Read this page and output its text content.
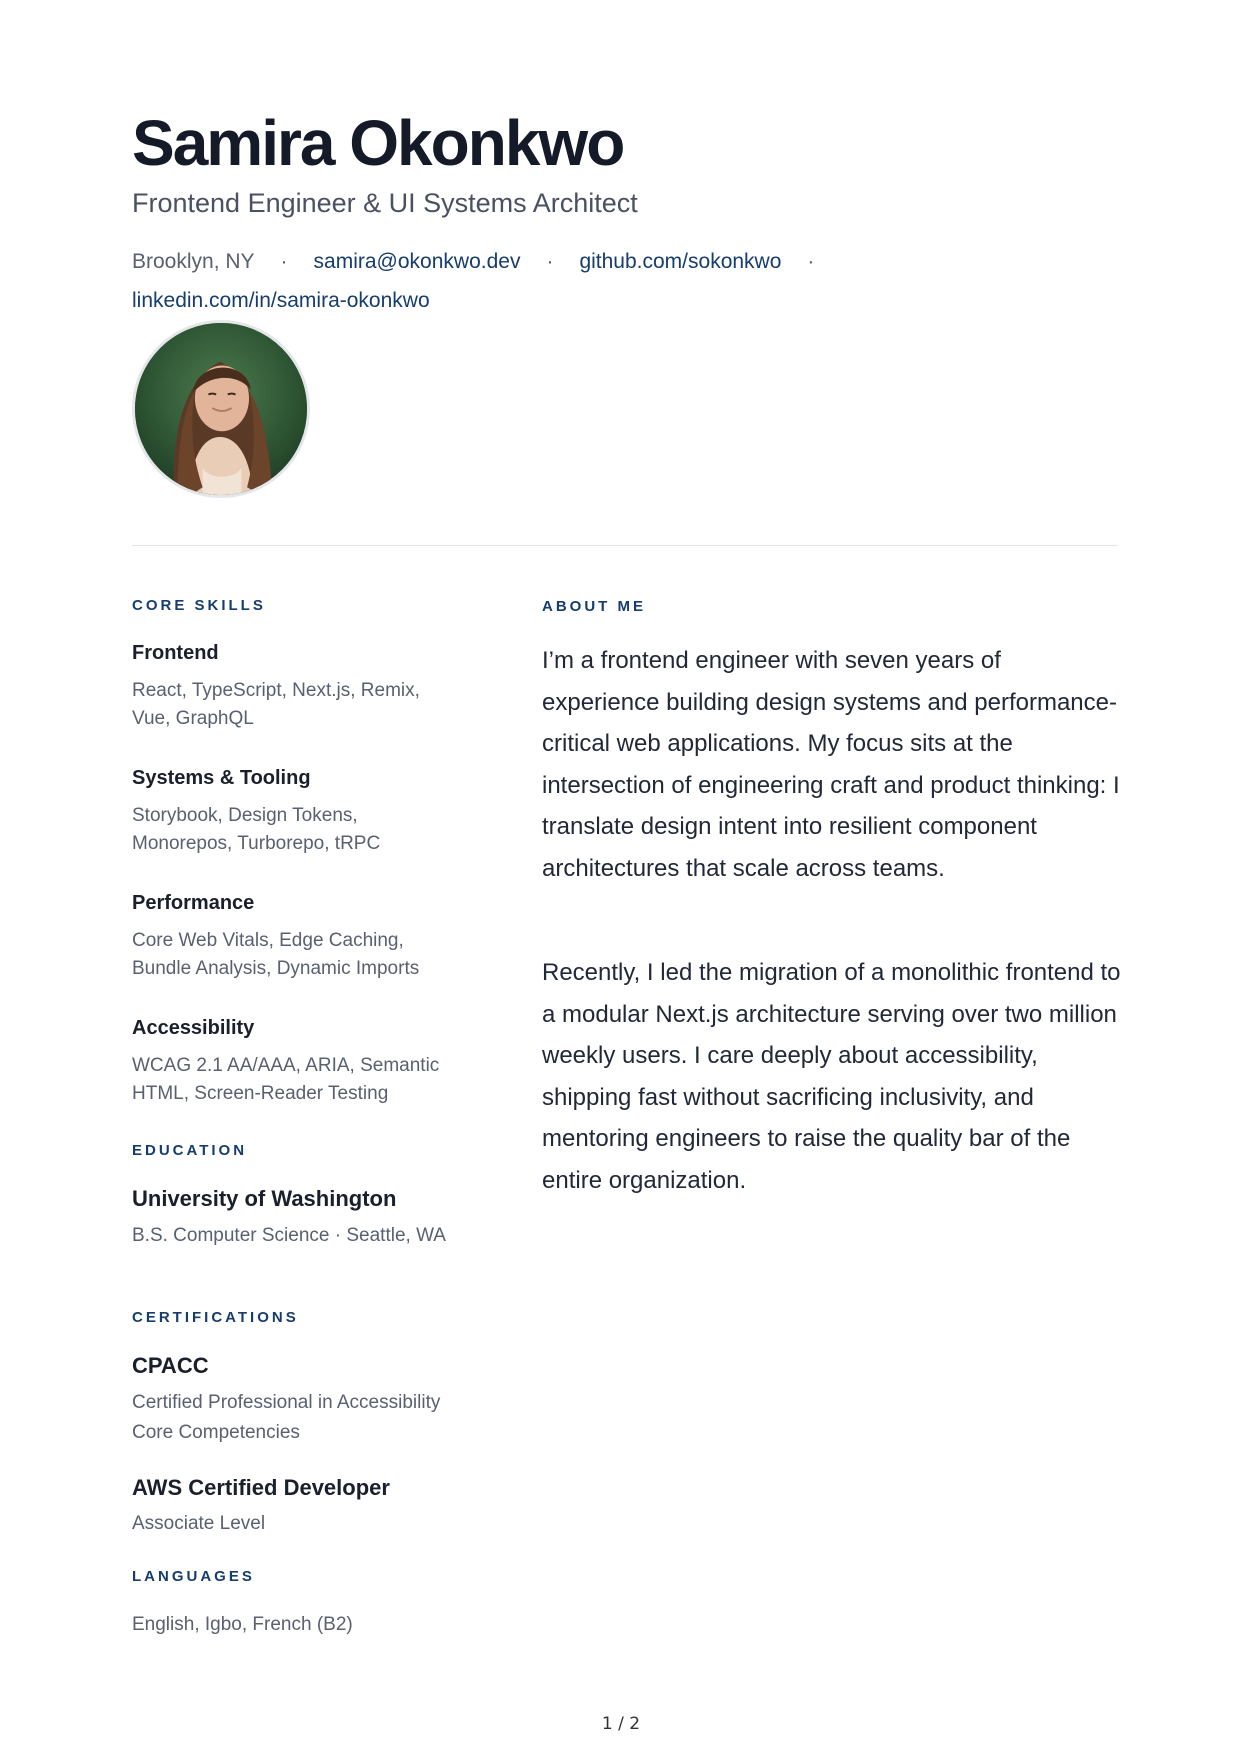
Samira Okonkwo
Frontend Engineer & UI Systems Architect
Brooklyn, NY · samira@okonkwo.dev · github.com/sokonkwo ·
linkedin.com/in/samira-okonkwo
CORE SKILLS
Frontend
React, TypeScript, Next.js, Remix, Vue, GraphQL
Systems & Tooling
Storybook, Design Tokens, Monorepos, Turborepo, tRPC
Performance
Core Web Vitals, Edge Caching, Bundle Analysis, Dynamic Imports
Accessibility
WCAG 2.1 AA/AAA, ARIA, Semantic HTML, Screen-Reader Testing
EDUCATION
University of Washington
B.S. Computer Science · Seattle, WA
CERTIFICATIONS
CPACC
Certified Professional in Accessibility Core Competencies
AWS Certified Developer
Associate Level
LANGUAGES
English, Igbo, French (B2)
ABOUT ME

I’m a frontend engineer with seven years of experience building design systems and performance-critical web applications. My focus sits at the intersection of engineering craft and product thinking: I translate design intent into resilient component architectures that scale across teams.

Recently, I led the migration of a monolithic frontend to a modular Next.js architecture serving over two million weekly users. I care deeply about accessibility, shipping fast without sacrificing inclusivity, and mentoring engineers to raise the quality bar of the entire organization.

1 / 2
